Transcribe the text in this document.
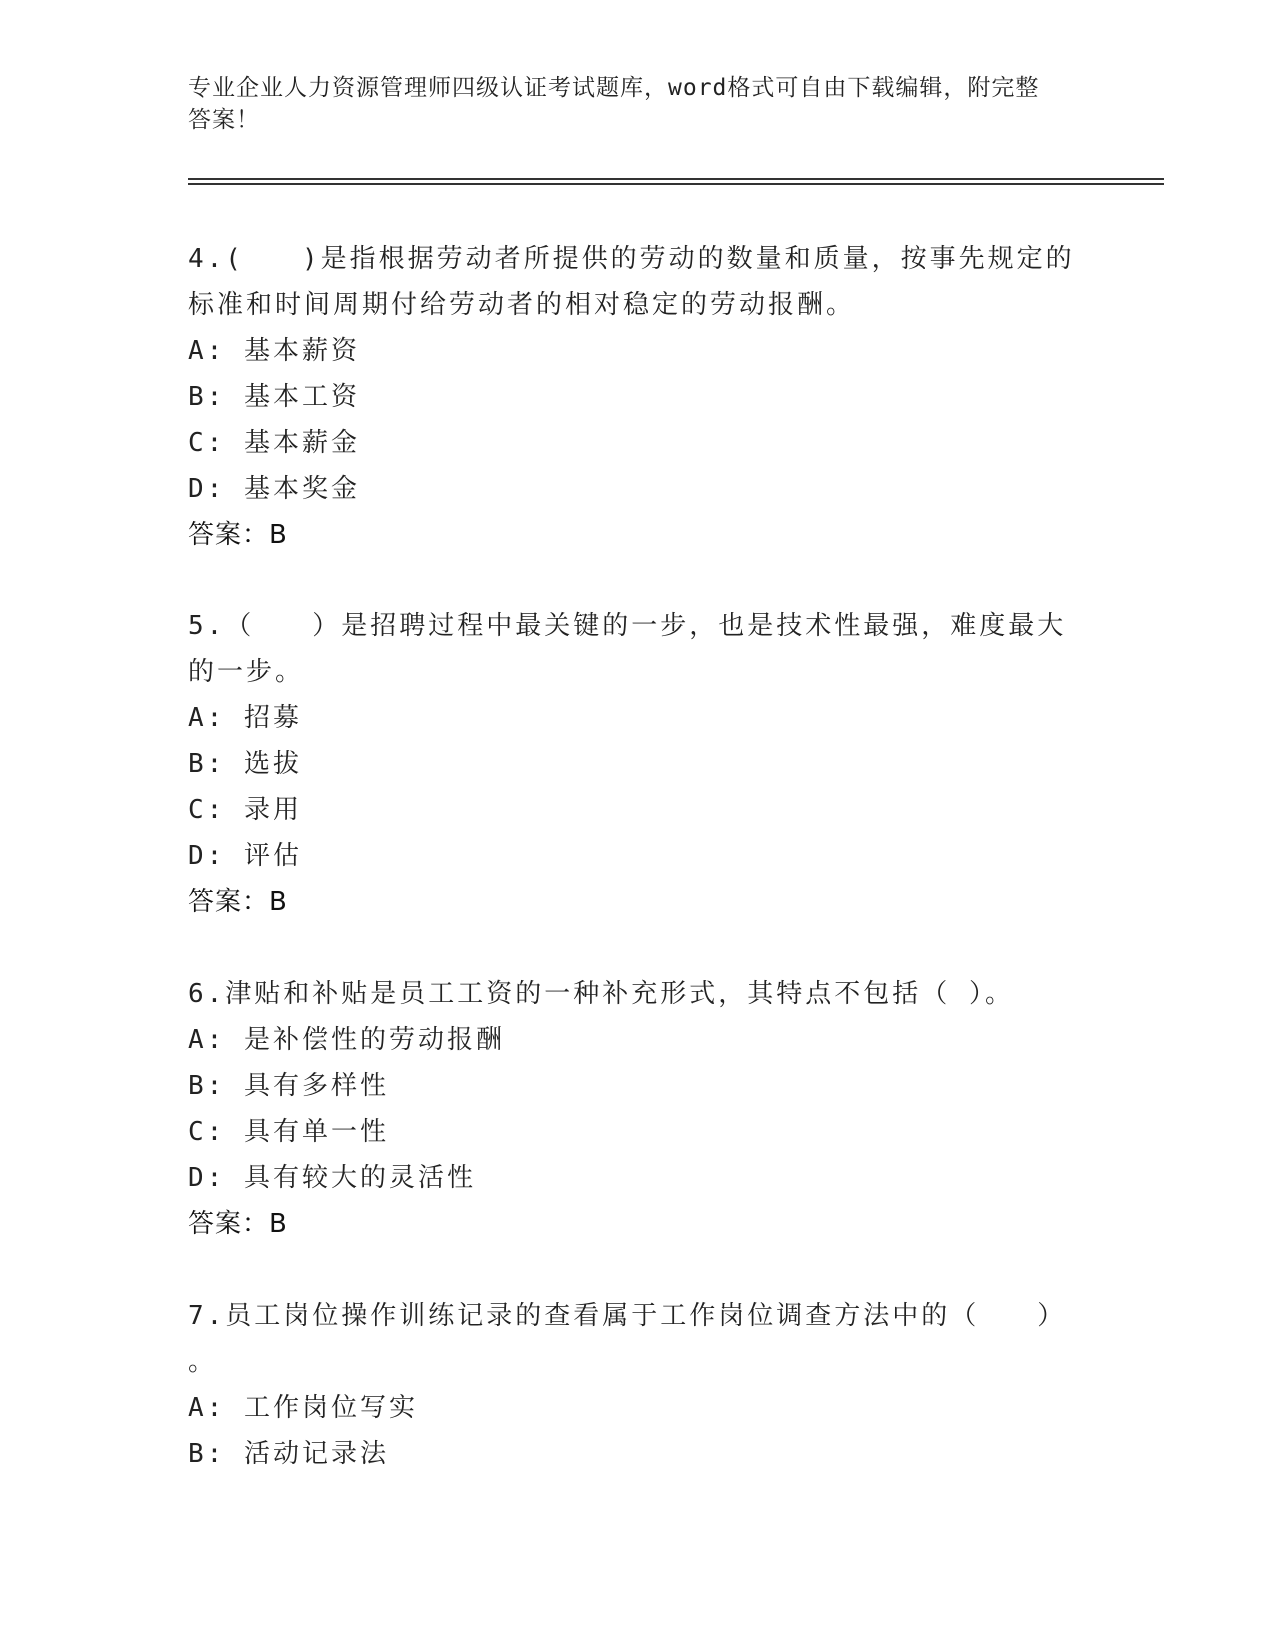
专业企业人力资源管理师四级认证考试题库，word格式可自由下载编辑，附完整
答案！
4.(　　)是指根据劳动者所提供的劳动的数量和质量，按事先规定的
标准和时间周期付给劳动者的相对稳定的劳动报酬。
A: 基本薪资
B: 基本工资
C: 基本薪金
D: 基本奖金
答案：B
5.（　　）是招聘过程中最关键的一步，也是技术性最强，难度最大
的一步。
A: 招募
B: 选拔
C: 录用
D: 评估
答案：B
6.津贴和补贴是员工工资的一种补充形式，其特点不包括（ ）。
A: 是补偿性的劳动报酬
B: 具有多样性
C: 具有单一性
D: 具有较大的灵活性
答案：B
7.员工岗位操作训练记录的查看属于工作岗位调查方法中的（　　）
。
A: 工作岗位写实
B: 活动记录法
